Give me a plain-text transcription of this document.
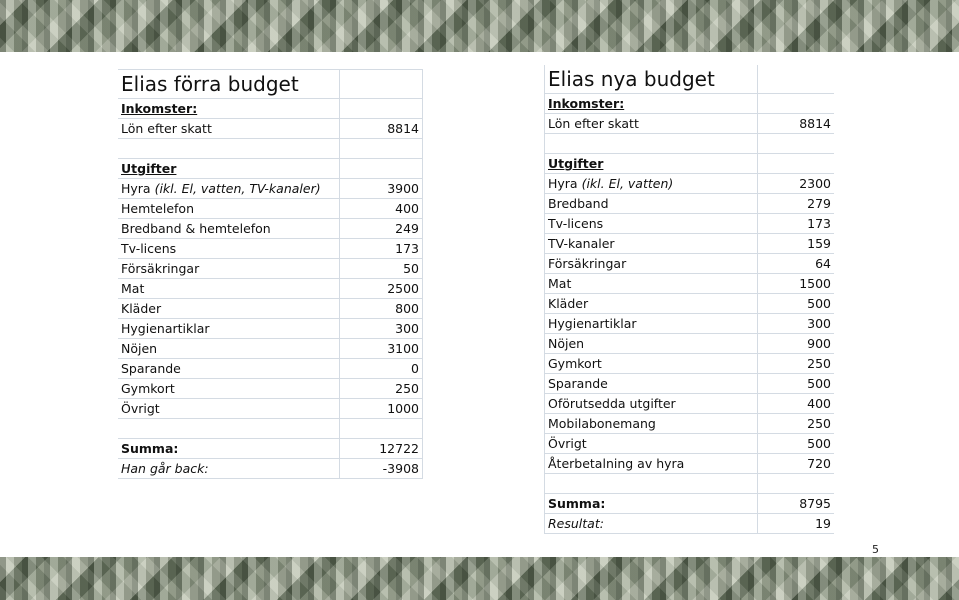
Elias förra budget	
Inkomster:	
Lön efter skatt	8814

Utgifter	
Hyra (ikl. El, vatten, TV-kanaler)	3900
Hemtelefon	400
Bredband & hemtelefon	249
Tv-licens	173
Försäkringar	50
Mat	2500
Kläder	800
Hygienartiklar	300
Nöjen	3100
Sparande	0
Gymkort	250
Övrigt	1000

Summa:	12722
Han går back:	-3908
Elias nya budget	
Inkomster:	
Lön efter skatt	8814

Utgifter	
Hyra (ikl. El, vatten)	2300
Bredband	279
Tv-licens	173
TV-kanaler	159
Försäkringar	64
Mat	1500
Kläder	500
Hygienartiklar	300
Nöjen	900
Gymkort	250
Sparande	500
Oförutsedda utgifter	400
Mobilabonemang	250
Övrigt	500
Återbetalning av hyra	720

Summa:	8795
Resultat:	19
5
